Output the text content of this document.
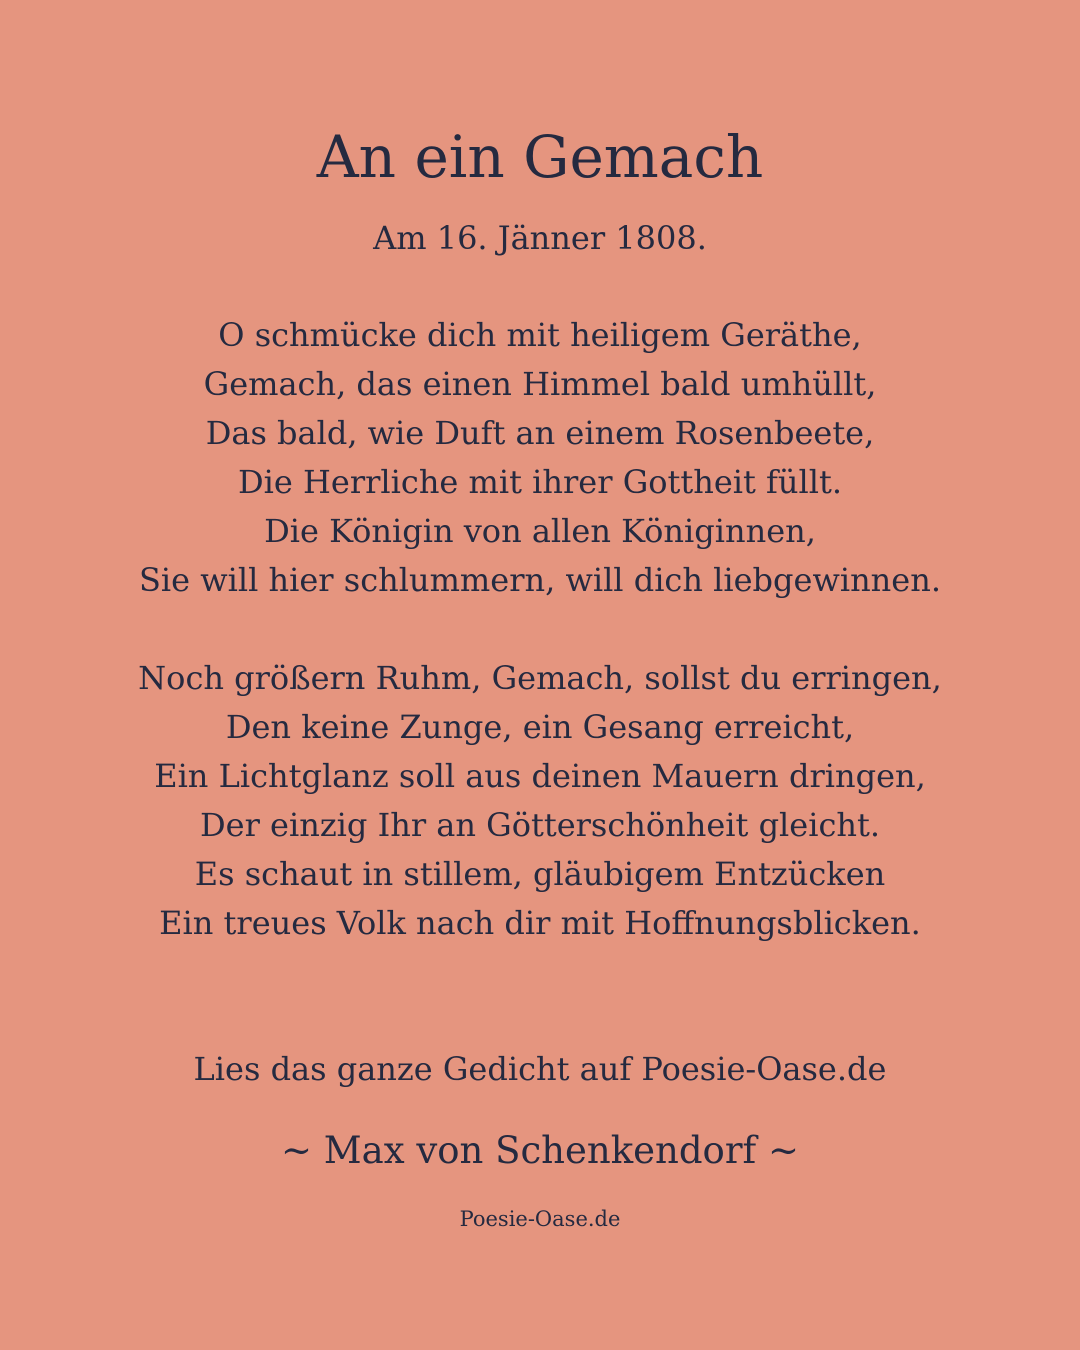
An ein Gemach
Am 16. Jänner 1808.
O schmücke dich mit heiligem Geräthe,
Gemach, das einen Himmel bald umhüllt,
Das bald, wie Duft an einem Rosenbeete,
Die Herrliche mit ihrer Gottheit füllt.
Die Königin von allen Königinnen,
Sie will hier schlummern, will dich liebgewinnen.
Noch größern Ruhm, Gemach, sollst du erringen,
Den keine Zunge, ein Gesang erreicht,
Ein Lichtglanz soll aus deinen Mauern dringen,
Der einzig Ihr an Götterschönheit gleicht.
Es schaut in stillem, gläubigem Entzücken
Ein treues Volk nach dir mit Hoffnungsblicken.
Lies das ganze Gedicht auf Poesie-Oase.de
~ Max von Schenkendorf ~
Poesie-Oase.de
